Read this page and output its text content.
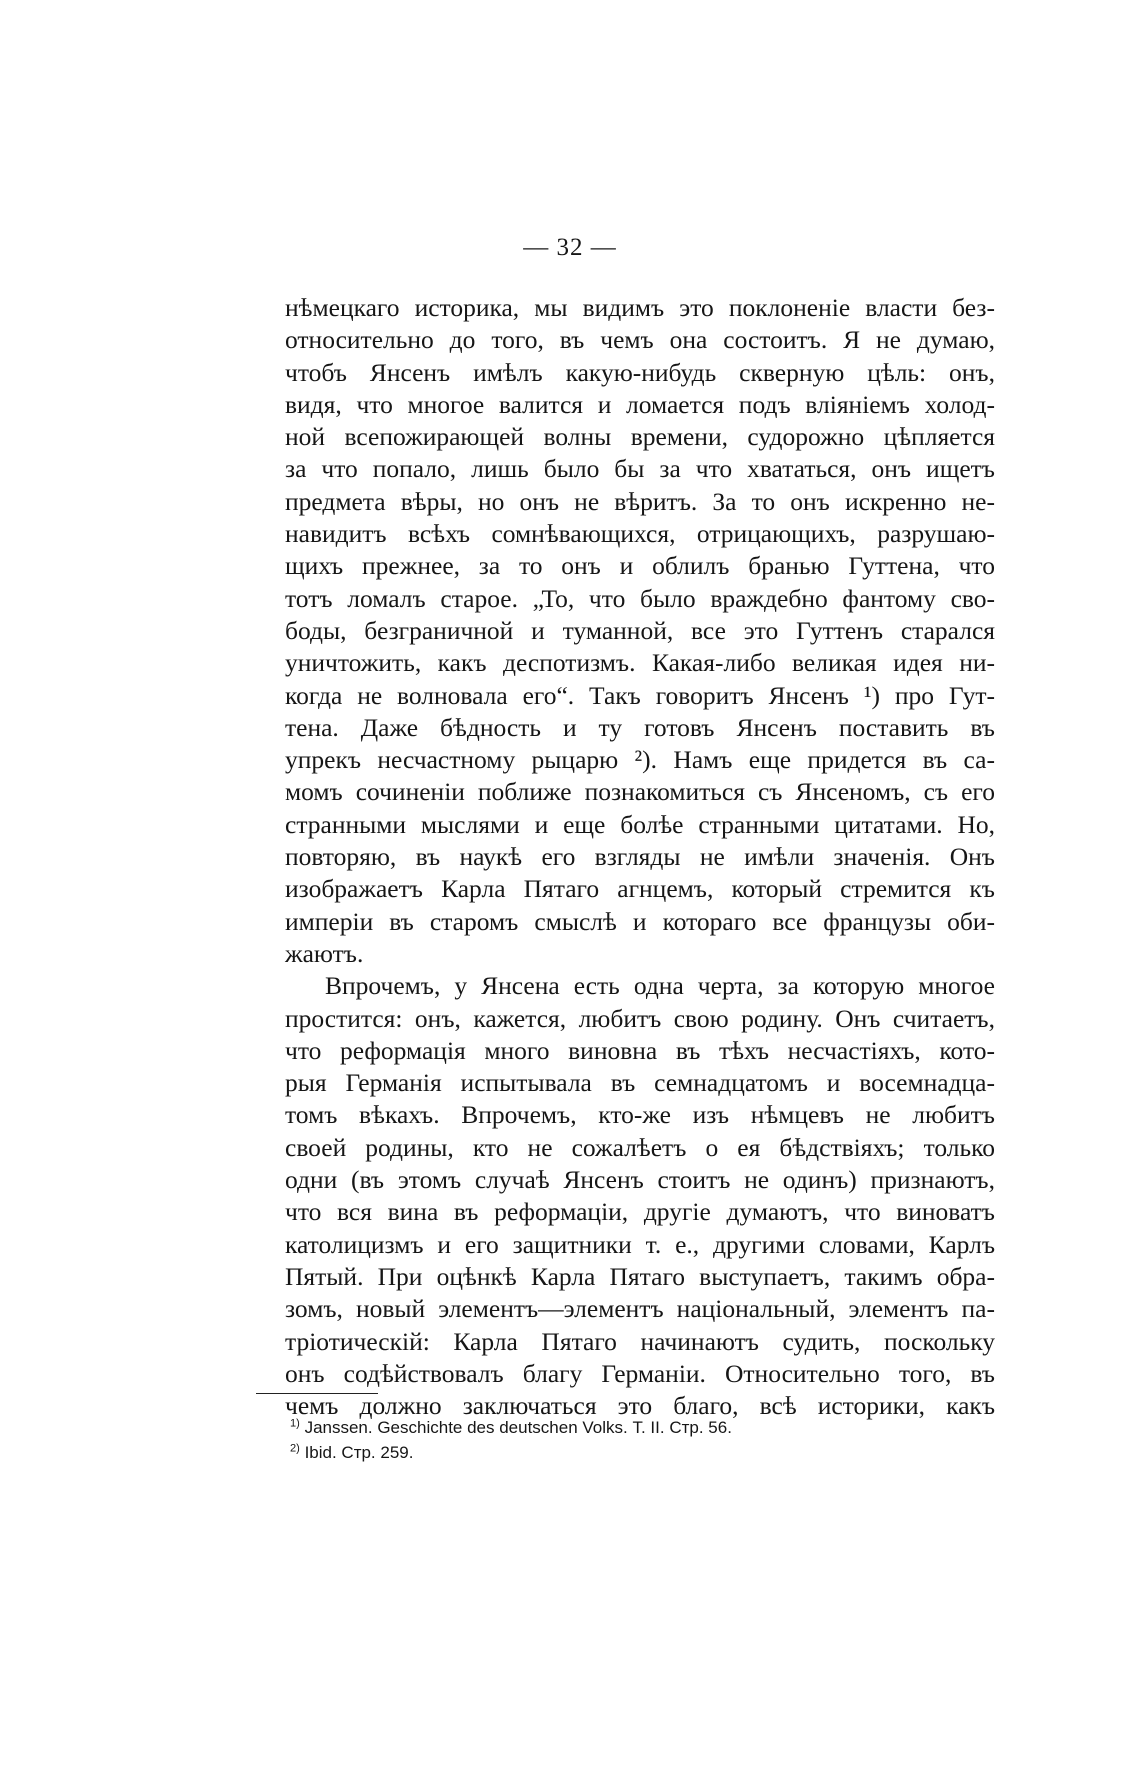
— 32 —
нѣмецкаго историка, мы видимъ это поклоненіе власти без-
относительно до того, въ чемъ она состоитъ. Я не думаю,
чтобъ Янсенъ имѣлъ какую-нибудь скверную цѣль: онъ,
видя, что многое валится и ломается подъ вліяніемъ холод-
ной всепожирающей волны времени, судорожно цѣпляется
за что попало, лишь было бы за что хвататься, онъ ищетъ
предмета вѣры, но онъ не вѣритъ. За то онъ искренно не-
навидитъ всѣхъ сомнѣвающихся, отрицающихъ, разрушаю-
щихъ прежнее, за то онъ и облилъ бранью Гуттена, что
тотъ ломалъ старое. „То, что было враждебно фантому сво-
боды, безграничной и туманной, все это Гуттенъ старался
уничтожить, какъ деспотизмъ. Какая-либо великая идея ни-
когда не волновала его“. Такъ говоритъ Янсенъ ¹) про Гут-
тена. Даже бѣдность и ту готовъ Янсенъ поставить въ
упрекъ несчастному рыцарю ²). Намъ еще придется въ са-
момъ сочиненіи поближе познакомиться съ Янсеномъ, съ его
странными мыслями и еще болѣе странными цитатами. Но,
повторяю, въ наукѣ его взгляды не имѣли значенія. Онъ
изображаетъ Карла Пятаго агнцемъ, который стремится къ
имперіи въ старомъ смыслѣ и котораго все французы оби-
жаютъ.
Впрочемъ, у Янсена есть одна черта, за которую многое
простится: онъ, кажется, любитъ свою родину. Онъ считаетъ,
что реформація много виновна въ тѣхъ несчастіяхъ, кото-
рыя Германія испытывала въ семнадцатомъ и восемнадца-
томъ вѣкахъ. Впрочемъ, кто-же изъ нѣмцевъ не любитъ
своей родины, кто не сожалѣетъ о ея бѣдствіяхъ; только
одни (въ этомъ случаѣ Янсенъ стоитъ не одинъ) признаютъ,
что вся вина въ реформаціи, другіе думаютъ, что виноватъ
католицизмъ и его защитники т. е., другими словами, Карлъ
Пятый. При оцѣнкѣ Карла Пятаго выступаетъ, такимъ обра-
зомъ, новый элементъ—элементъ національный, элементъ па-
тріотическій: Карла Пятаго начинаютъ судить, поскольку
онъ содѣйствовалъ благу Германіи. Относительно того, въ
чемъ должно заключаться это благо, всѣ историки, какъ
$^{1)}$ Janssen. Geschichte des deutschen Volks. Т. II. Стр. 56.
$^{2)}$ Ibid. Стр. 259.
